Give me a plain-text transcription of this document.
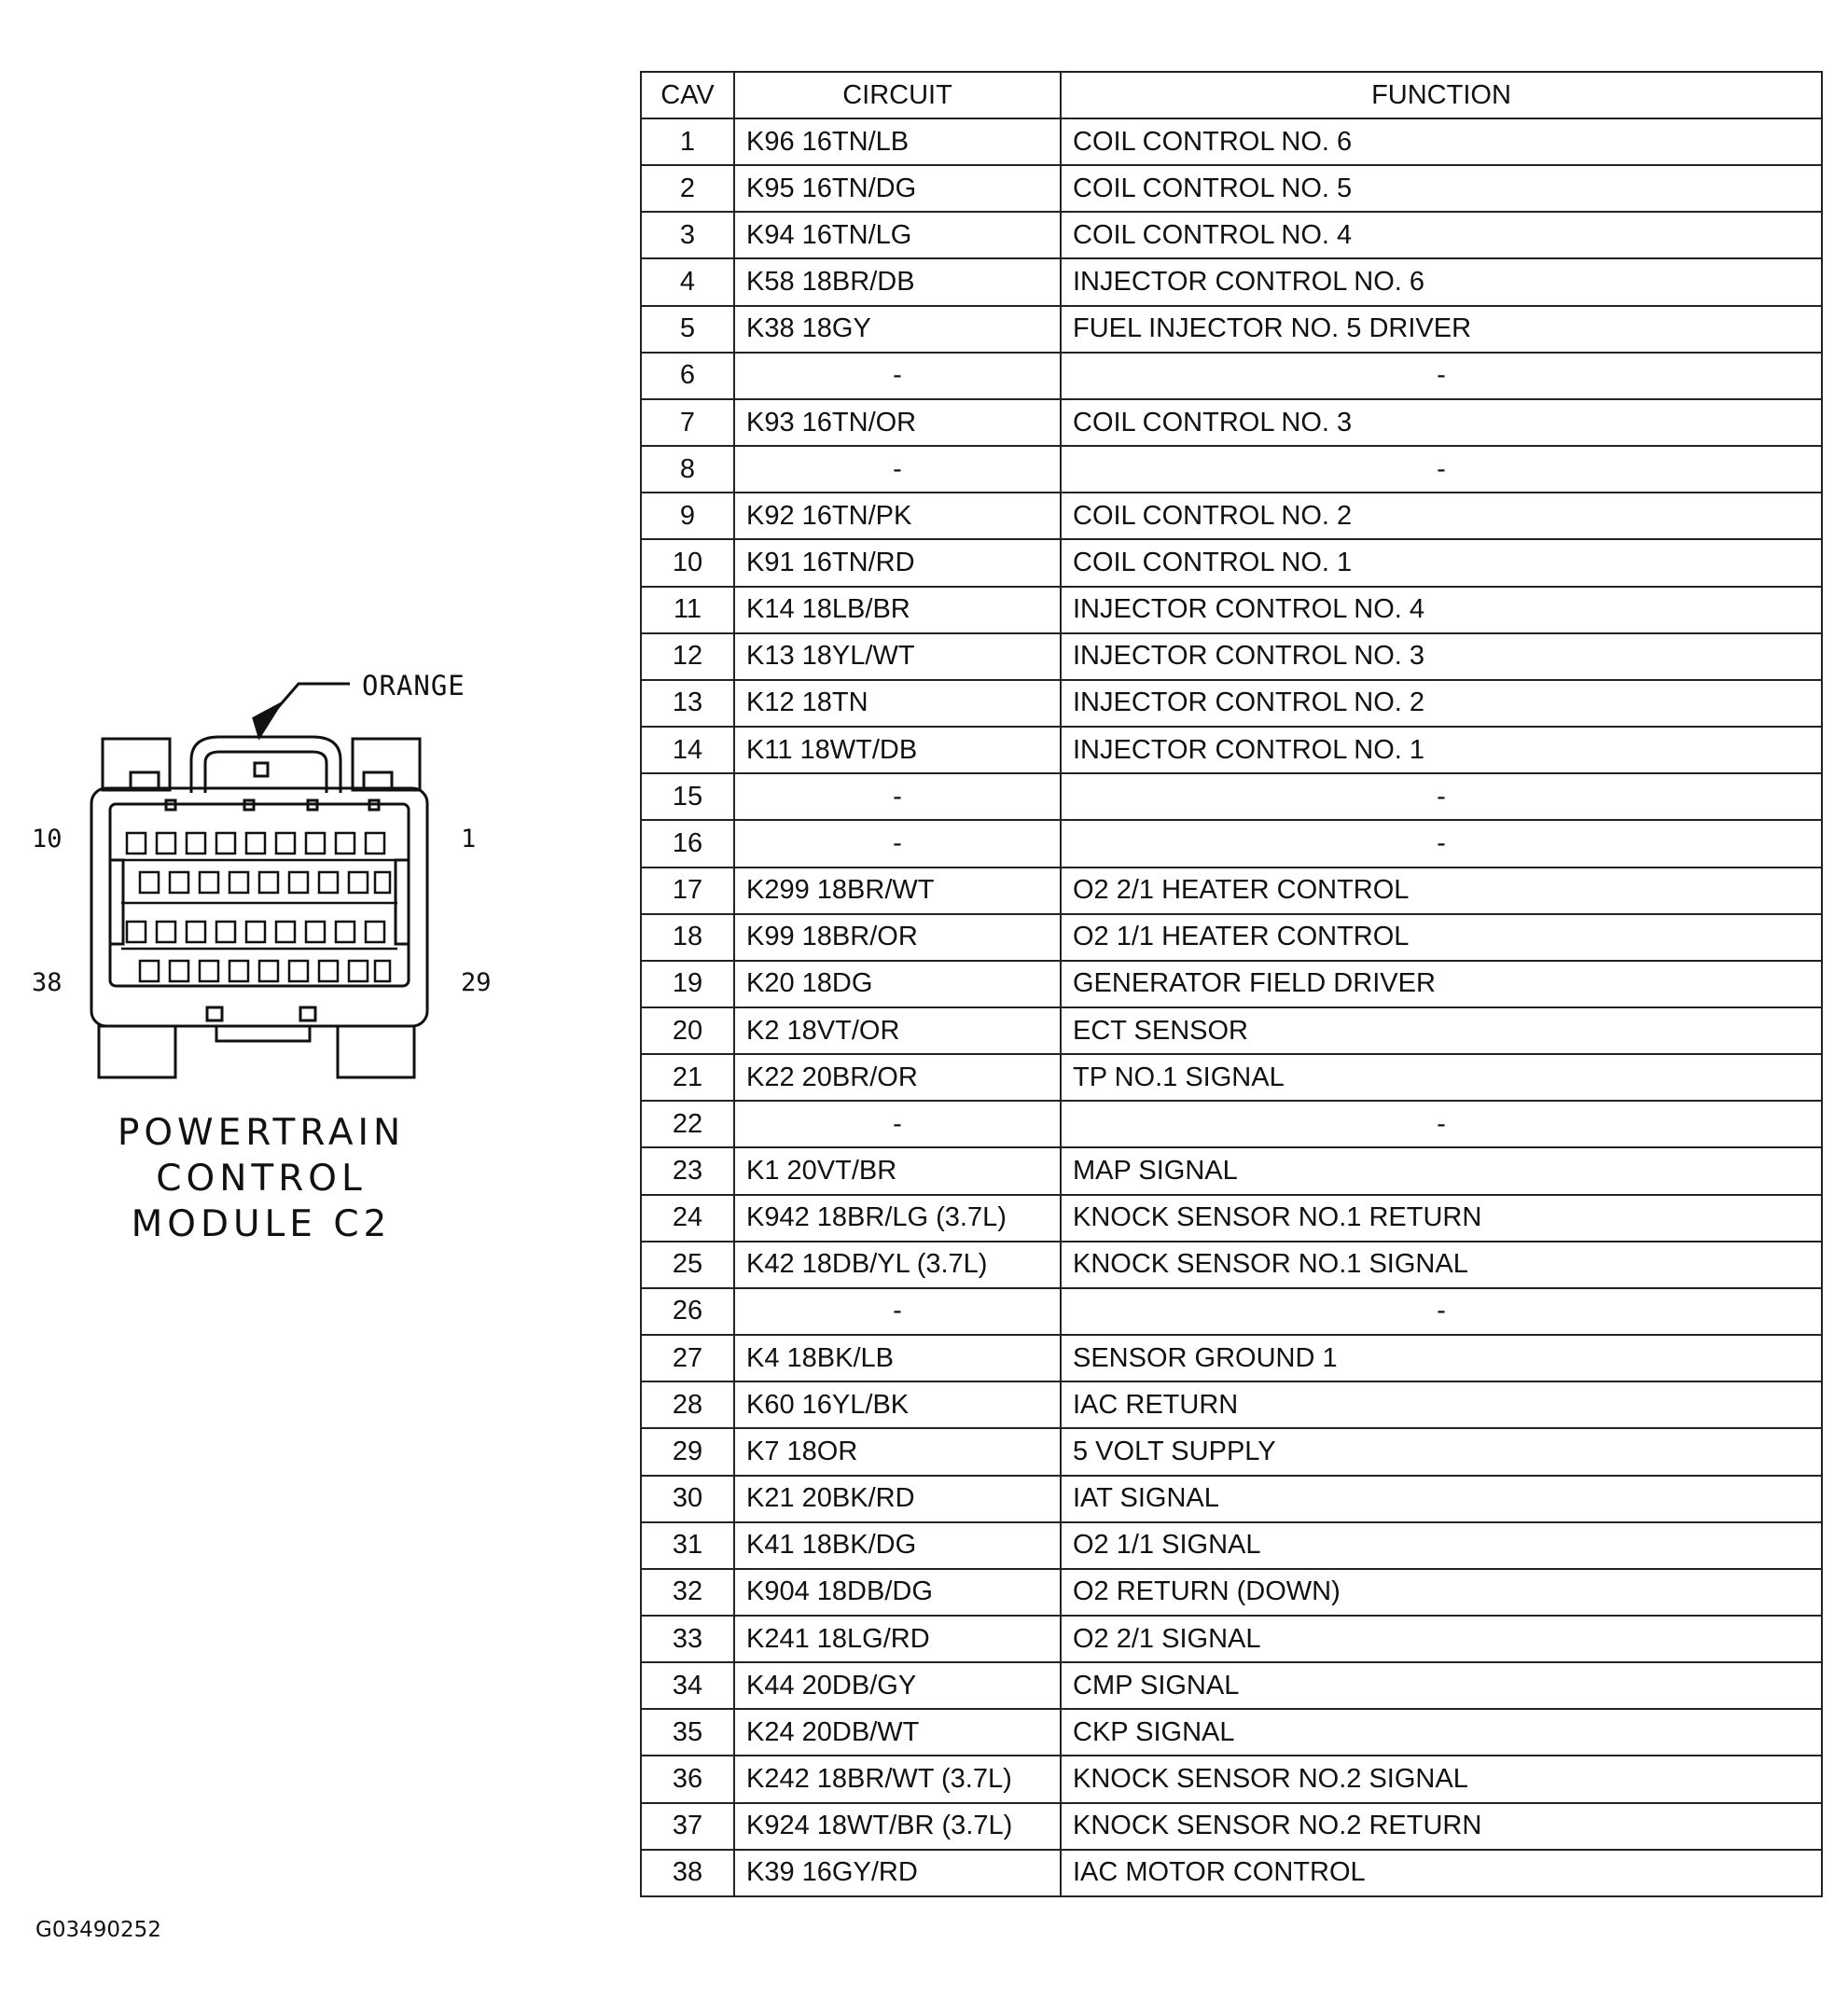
ORANGE
10	1
38	29
POWERTRAIN
CONTROL
MODULE C2
CAV	CIRCUIT	FUNCTION
1	K96 16TN/LB	COIL CONTROL NO. 6
2	K95 16TN/DG	COIL CONTROL NO. 5
3	K94 16TN/LG	COIL CONTROL NO. 4
4	K58 18BR/DB	INJECTOR CONTROL NO. 6
5	K38 18GY	FUEL INJECTOR NO. 5 DRIVER
6	-	-
7	K93 16TN/OR	COIL CONTROL NO. 3
8	-	-
9	K92 16TN/PK	COIL CONTROL NO. 2
10	K91 16TN/RD	COIL CONTROL NO. 1
11	K14 18LB/BR	INJECTOR CONTROL NO. 4
12	K13 18YL/WT	INJECTOR CONTROL NO. 3
13	K12 18TN	INJECTOR CONTROL NO. 2
14	K11 18WT/DB	INJECTOR CONTROL NO. 1
15	-	-
16	-	-
17	K299 18BR/WT	O2 2/1 HEATER CONTROL
18	K99 18BR/OR	O2 1/1 HEATER CONTROL
19	K20 18DG	GENERATOR FIELD DRIVER
20	K2 18VT/OR	ECT SENSOR
21	K22 20BR/OR	TP NO.1 SIGNAL
22	-	-
23	K1 20VT/BR	MAP SIGNAL
24	K942 18BR/LG (3.7L)	KNOCK SENSOR NO.1 RETURN
25	K42 18DB/YL (3.7L)	KNOCK SENSOR NO.1 SIGNAL
26	-	-
27	K4 18BK/LB	SENSOR GROUND 1
28	K60 16YL/BK	IAC RETURN
29	K7 18OR	5 VOLT SUPPLY
30	K21 20BK/RD	IAT SIGNAL
31	K41 18BK/DG	O2 1/1 SIGNAL
32	K904 18DB/DG	O2 RETURN (DOWN)
33	K241 18LG/RD	O2 2/1 SIGNAL
34	K44 20DB/GY	CMP SIGNAL
35	K24 20DB/WT	CKP SIGNAL
36	K242 18BR/WT (3.7L)	KNOCK SENSOR NO.2 SIGNAL
37	K924 18WT/BR (3.7L)	KNOCK SENSOR NO.2 RETURN
38	K39 16GY/RD	IAC MOTOR CONTROL
G03490252
